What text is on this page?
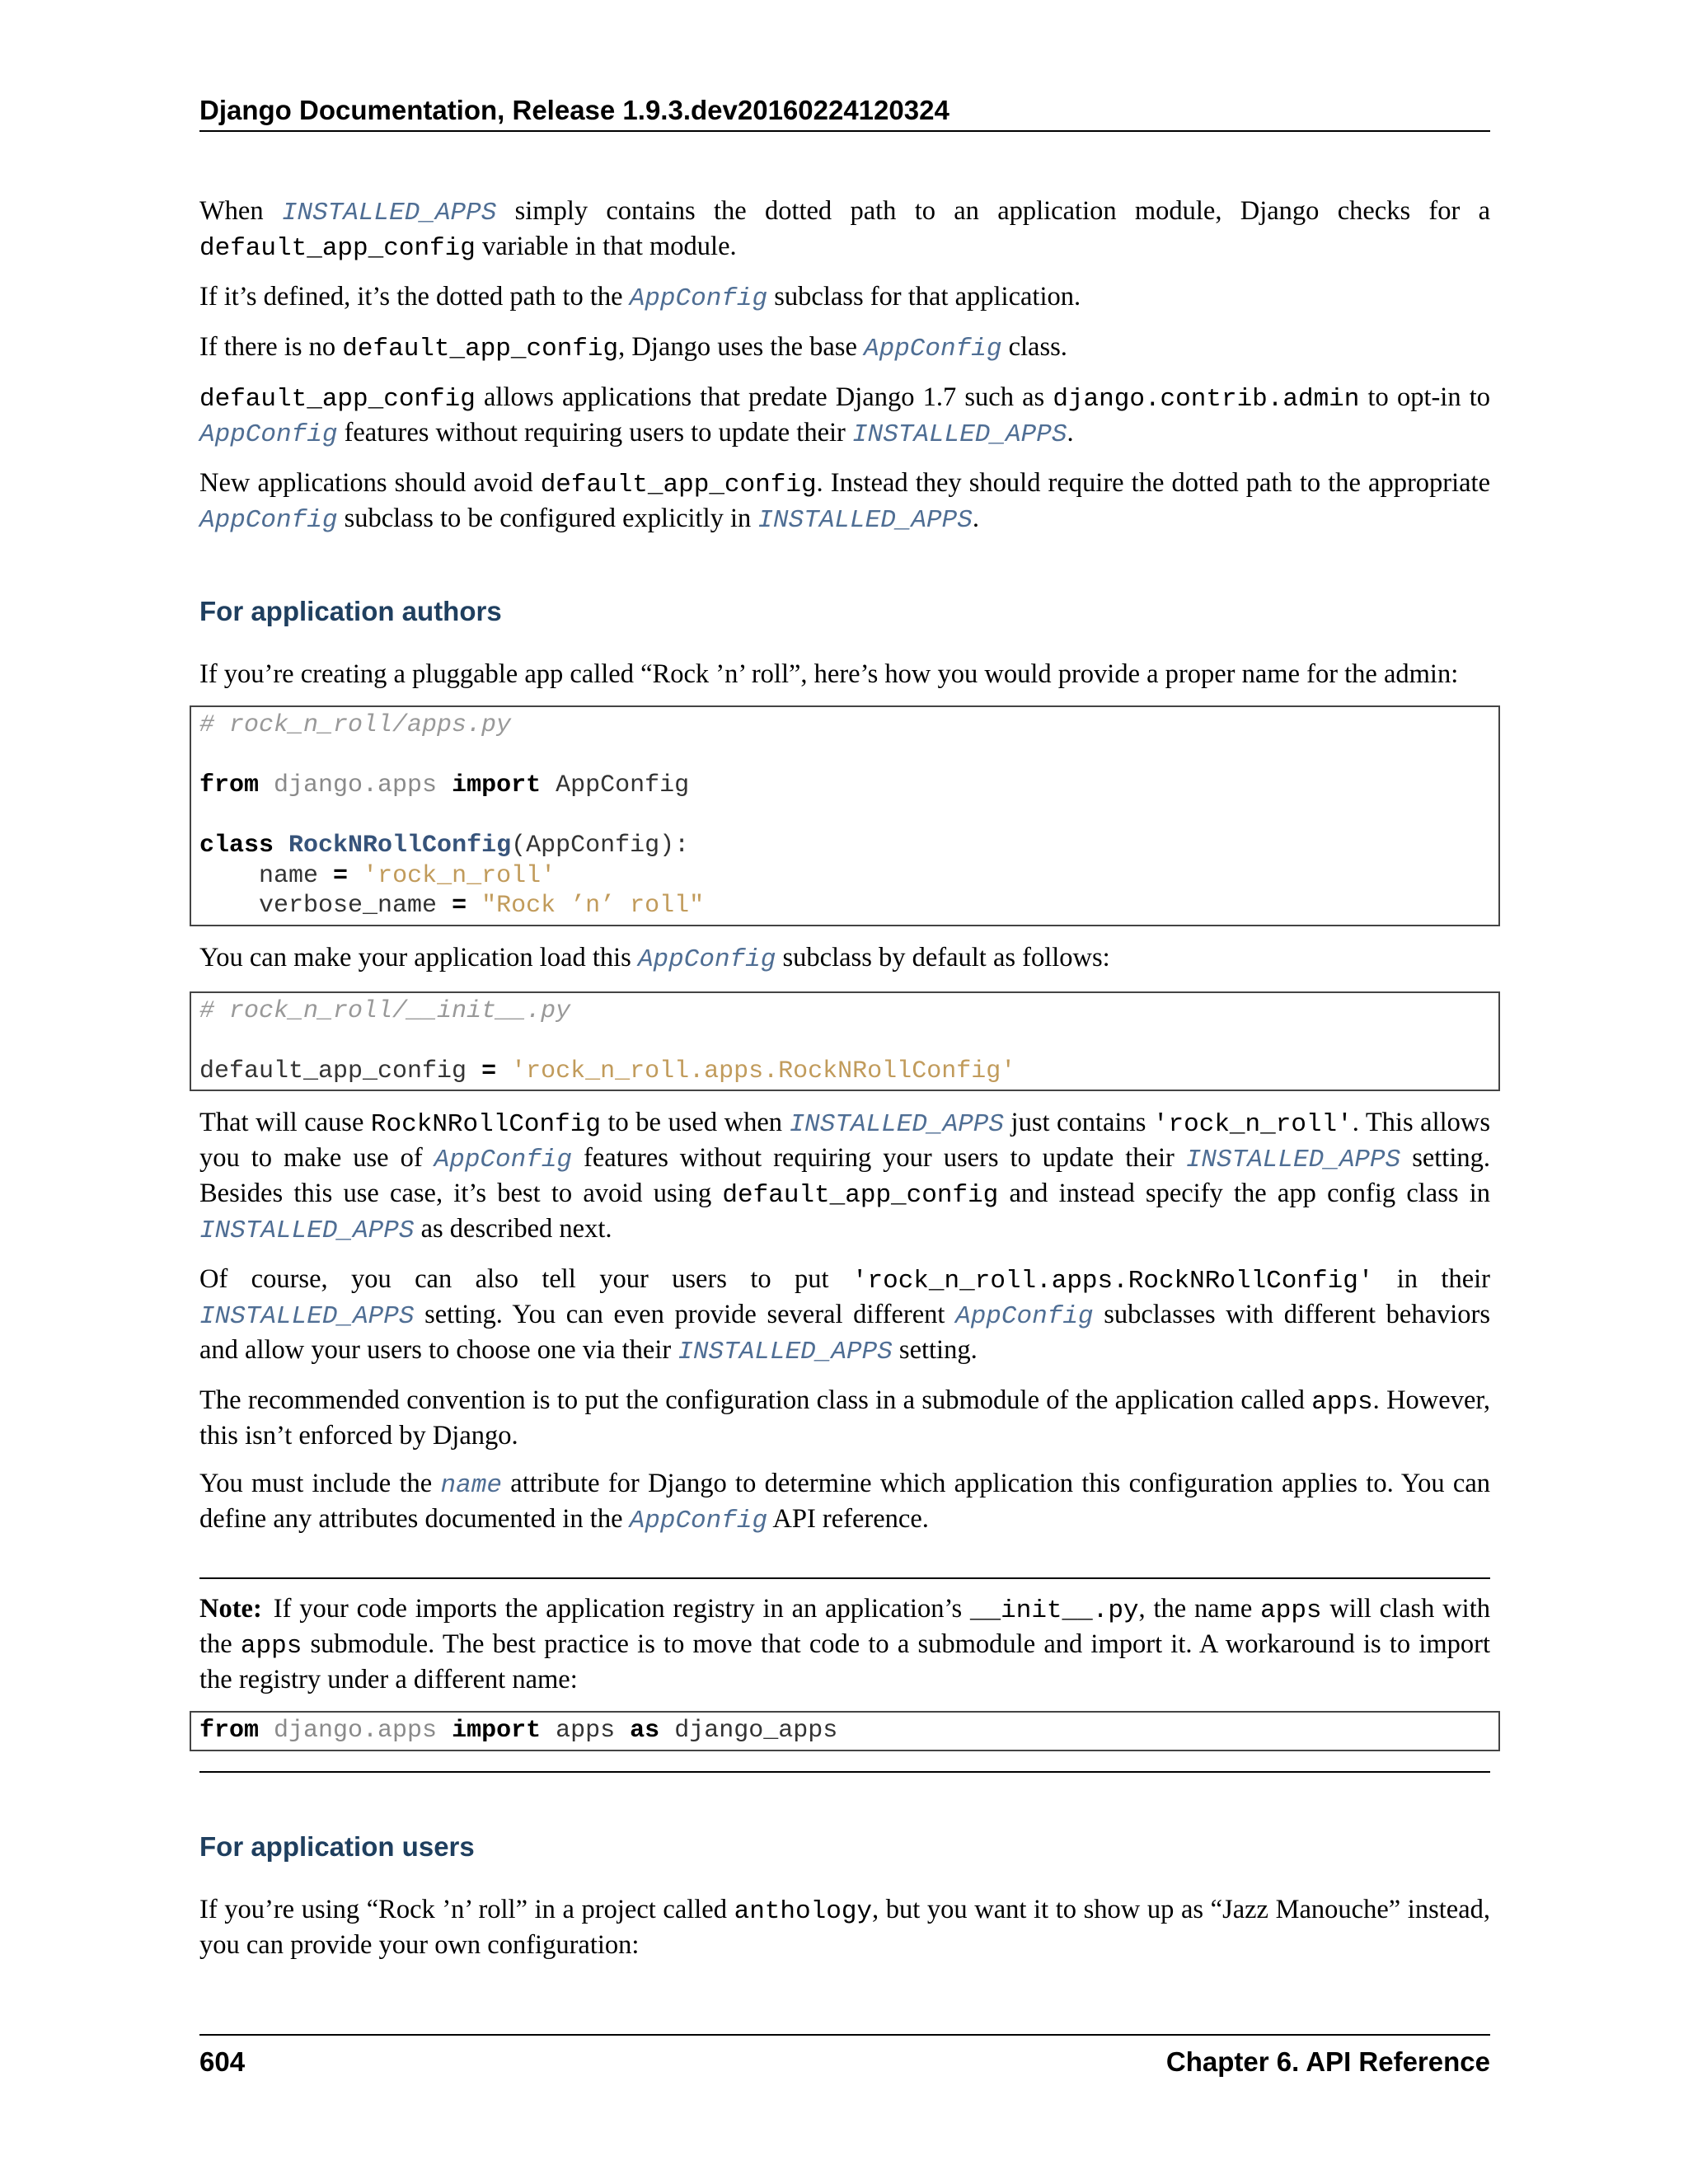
Django Documentation, Release 1.9.3.dev20160224120324

When INSTALLED_APPS simply contains the dotted path to an application module, Django checks for a default_app_config variable in that module.

If it’s defined, it’s the dotted path to the AppConfig subclass for that application.

If there is no default_app_config, Django uses the base AppConfig class.

default_app_config allows applications that predate Django 1.7 such as django.contrib.admin to opt-in to AppConfig features without requiring users to update their INSTALLED_APPS.

New applications should avoid default_app_config. Instead they should require the dotted path to the appropriate AppConfig subclass to be configured explicitly in INSTALLED_APPS.

For application authors

If you’re creating a pluggable app called “Rock ’n’ roll”, here’s how you would provide a proper name for the admin:

# rock_n_roll/apps.py

from django.apps import AppConfig

class RockNRollConfig(AppConfig):
name = 'rock_n_roll'
verbose_name = "Rock ’n’ roll"

You can make your application load this AppConfig subclass by default as follows:

# rock_n_roll/__init__.py

default_app_config = 'rock_n_roll.apps.RockNRollConfig'

That will cause RockNRollConfig to be used when INSTALLED_APPS just contains 'rock_n_roll'. This allows you to make use of AppConfig features without requiring your users to update their INSTALLED_APPS setting. Besides this use case, it’s best to avoid using default_app_config and instead specify the app config class in INSTALLED_APPS as described next.

Of course, you can also tell your users to put 'rock_n_roll.apps.RockNRollConfig' in their INSTALLED_APPS setting. You can even provide several different AppConfig subclasses with different behaviors and allow your users to choose one via their INSTALLED_APPS setting.

The recommended convention is to put the configuration class in a submodule of the application called apps. However, this isn’t enforced by Django.

You must include the name attribute for Django to determine which application this configuration applies to. You can define any attributes documented in the AppConfig API reference.

Note: If your code imports the application registry in an application’s __init__.py, the name apps will clash with the apps submodule. The best practice is to move that code to a submodule and import it. A workaround is to import the registry under a different name:

from django.apps import apps as django_apps
For application users

If you’re using “Rock ’n’ roll” in a project called anthology, but you want it to show up as “Jazz Manouche” instead, you can provide your own configuration:

604	Chapter 6. API Reference
